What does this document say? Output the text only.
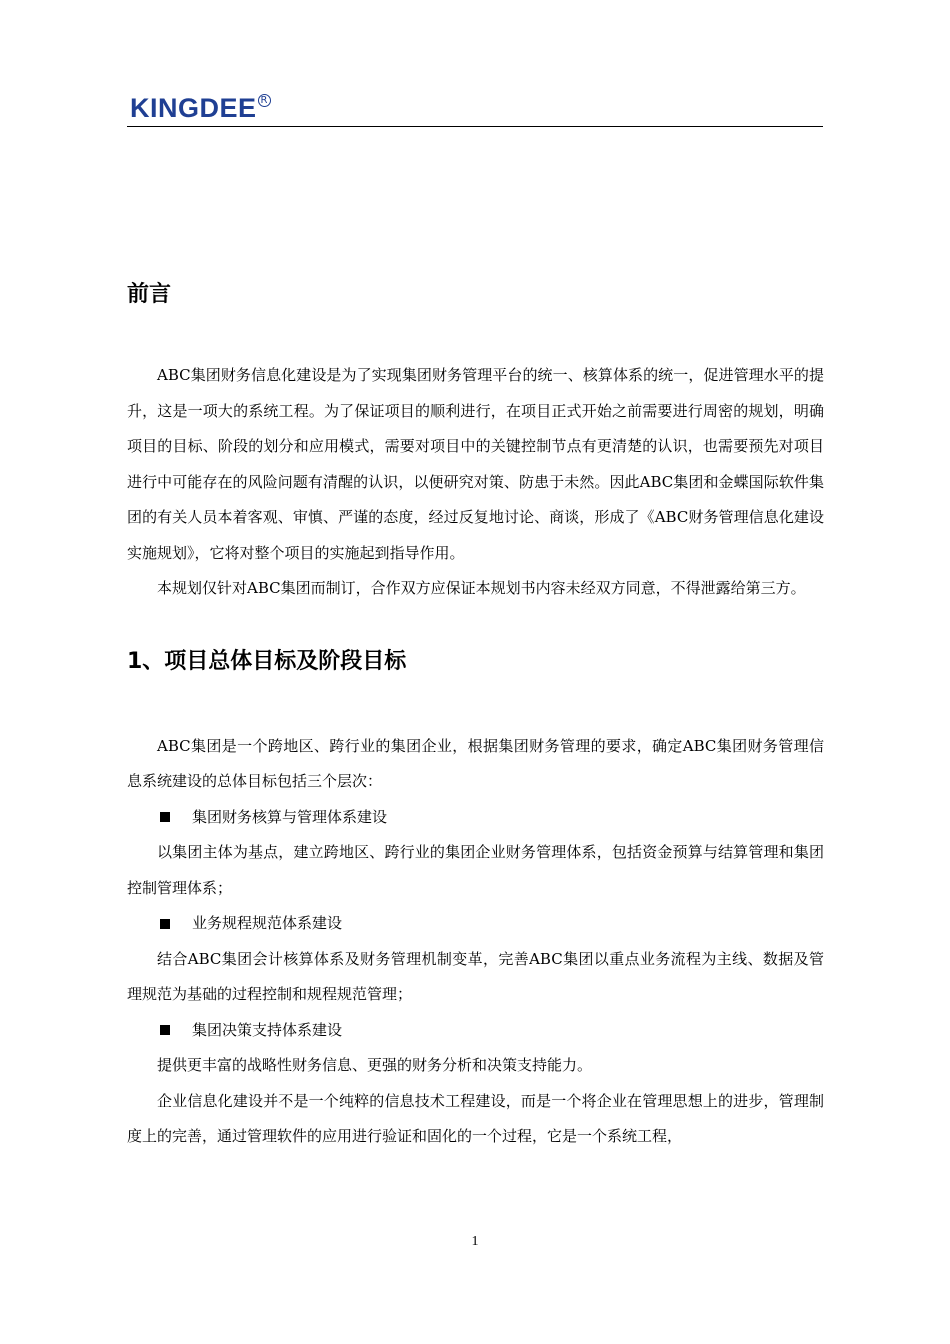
KINGDEE R
前言

ABC集团财务信息化建设是为了实现集团财务管理平台的统一、核算体系的统一，促进管理水平的提升，这是一项大的系统工程。为了保证项目的顺利进行，在项目正式开始之前需要进行周密的规划，明确项目的目标、阶段的划分和应用模式，需要对项目中的关键控制节点有更清楚的认识，也需要预先对项目进行中可能存在的风险问题有清醒的认识，以便研究对策、防患于未然。因此ABC集团和金蝶国际软件集团的有关人员本着客观、审慎、严谨的态度，经过反复地讨论、商谈，形成了《ABC财务管理信息化建设实施规划》，它将对整个项目的实施起到指导作用。

本规划仅针对ABC集团而制订，合作双方应保证本规划书内容未经双方同意，不得泄露给第三方。

1、项目总体目标及阶段目标

ABC集团是一个跨地区、跨行业的集团企业，根据集团财务管理的要求，确定ABC集团财务管理信息系统建设的总体目标包括三个层次：

集团财务核算与管理体系建设

以集团主体为基点，建立跨地区、跨行业的集团企业财务管理体系，包括资金预算与结算管理和集团控制管理体系；

业务规程规范体系建设

结合ABC集团会计核算体系及财务管理机制变革，完善ABC集团以重点业务流程为主线、数据及管理规范为基础的过程控制和规程规范管理；

集团决策支持体系建设

提供更丰富的战略性财务信息、更强的财务分析和决策支持能力。

企业信息化建设并不是一个纯粹的信息技术工程建设，而是一个将企业在管理思想上的进步，管理制度上的完善，通过管理软件的应用进行验证和固化的一个过程，它是一个系统工程，

1
